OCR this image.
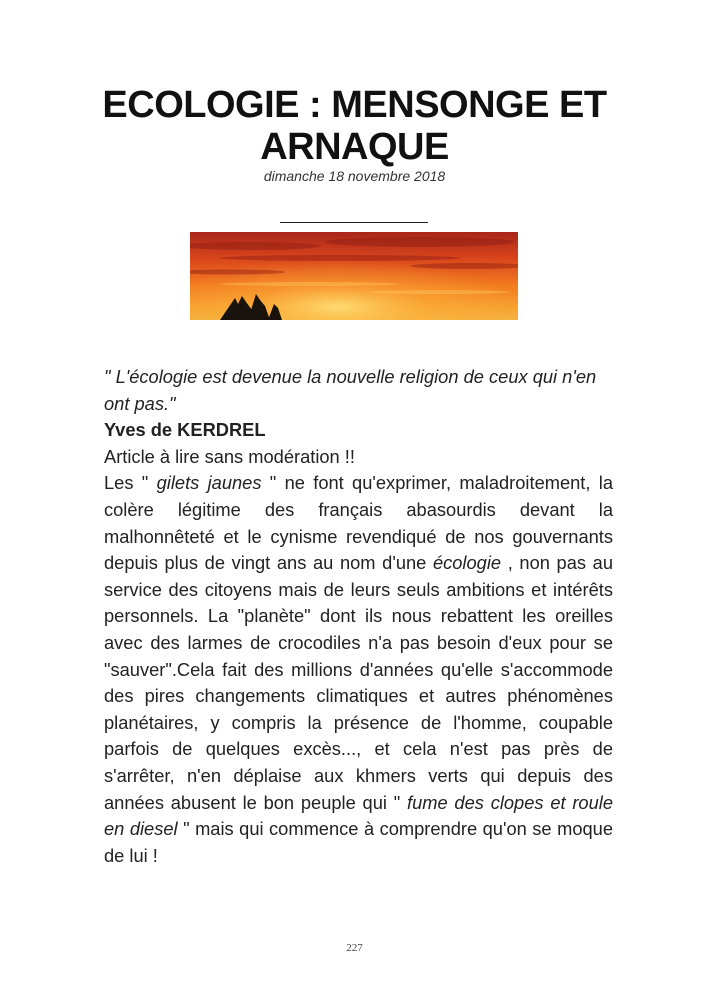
ECOLOGIE : MENSONGE ET ARNAQUE
dimanche 18 novembre 2018

" L'écologie est devenue la nouvelle religion de ceux qui n'en ont pas."

Yves de KERDREL

Article à lire sans modération !!

Les " gilets jaunes " ne font qu'exprimer, maladroitement, la colère légitime des français abasourdis devant la malhonnêteté et le cynisme revendiqué de nos gouvernants depuis plus de vingt ans au nom d'une écologie , non pas au service des citoyens mais de leurs seuls ambitions et intérêts personnels. La "planète" dont ils nous rebattent les oreilles avec des larmes de crocodiles n'a pas besoin d'eux pour se "sauver".Cela fait des millions d'années qu'elle s'accommode des pires changements climatiques et autres phénomènes planétaires, y compris la présence de l'homme, coupable parfois de quelques excès..., et cela n'est pas près de s'arrêter, n'en déplaise aux khmers verts qui depuis des années abusent le bon peuple qui " fume des clopes et roule en diesel " mais qui commence à comprendre qu'on se moque de lui !

227
